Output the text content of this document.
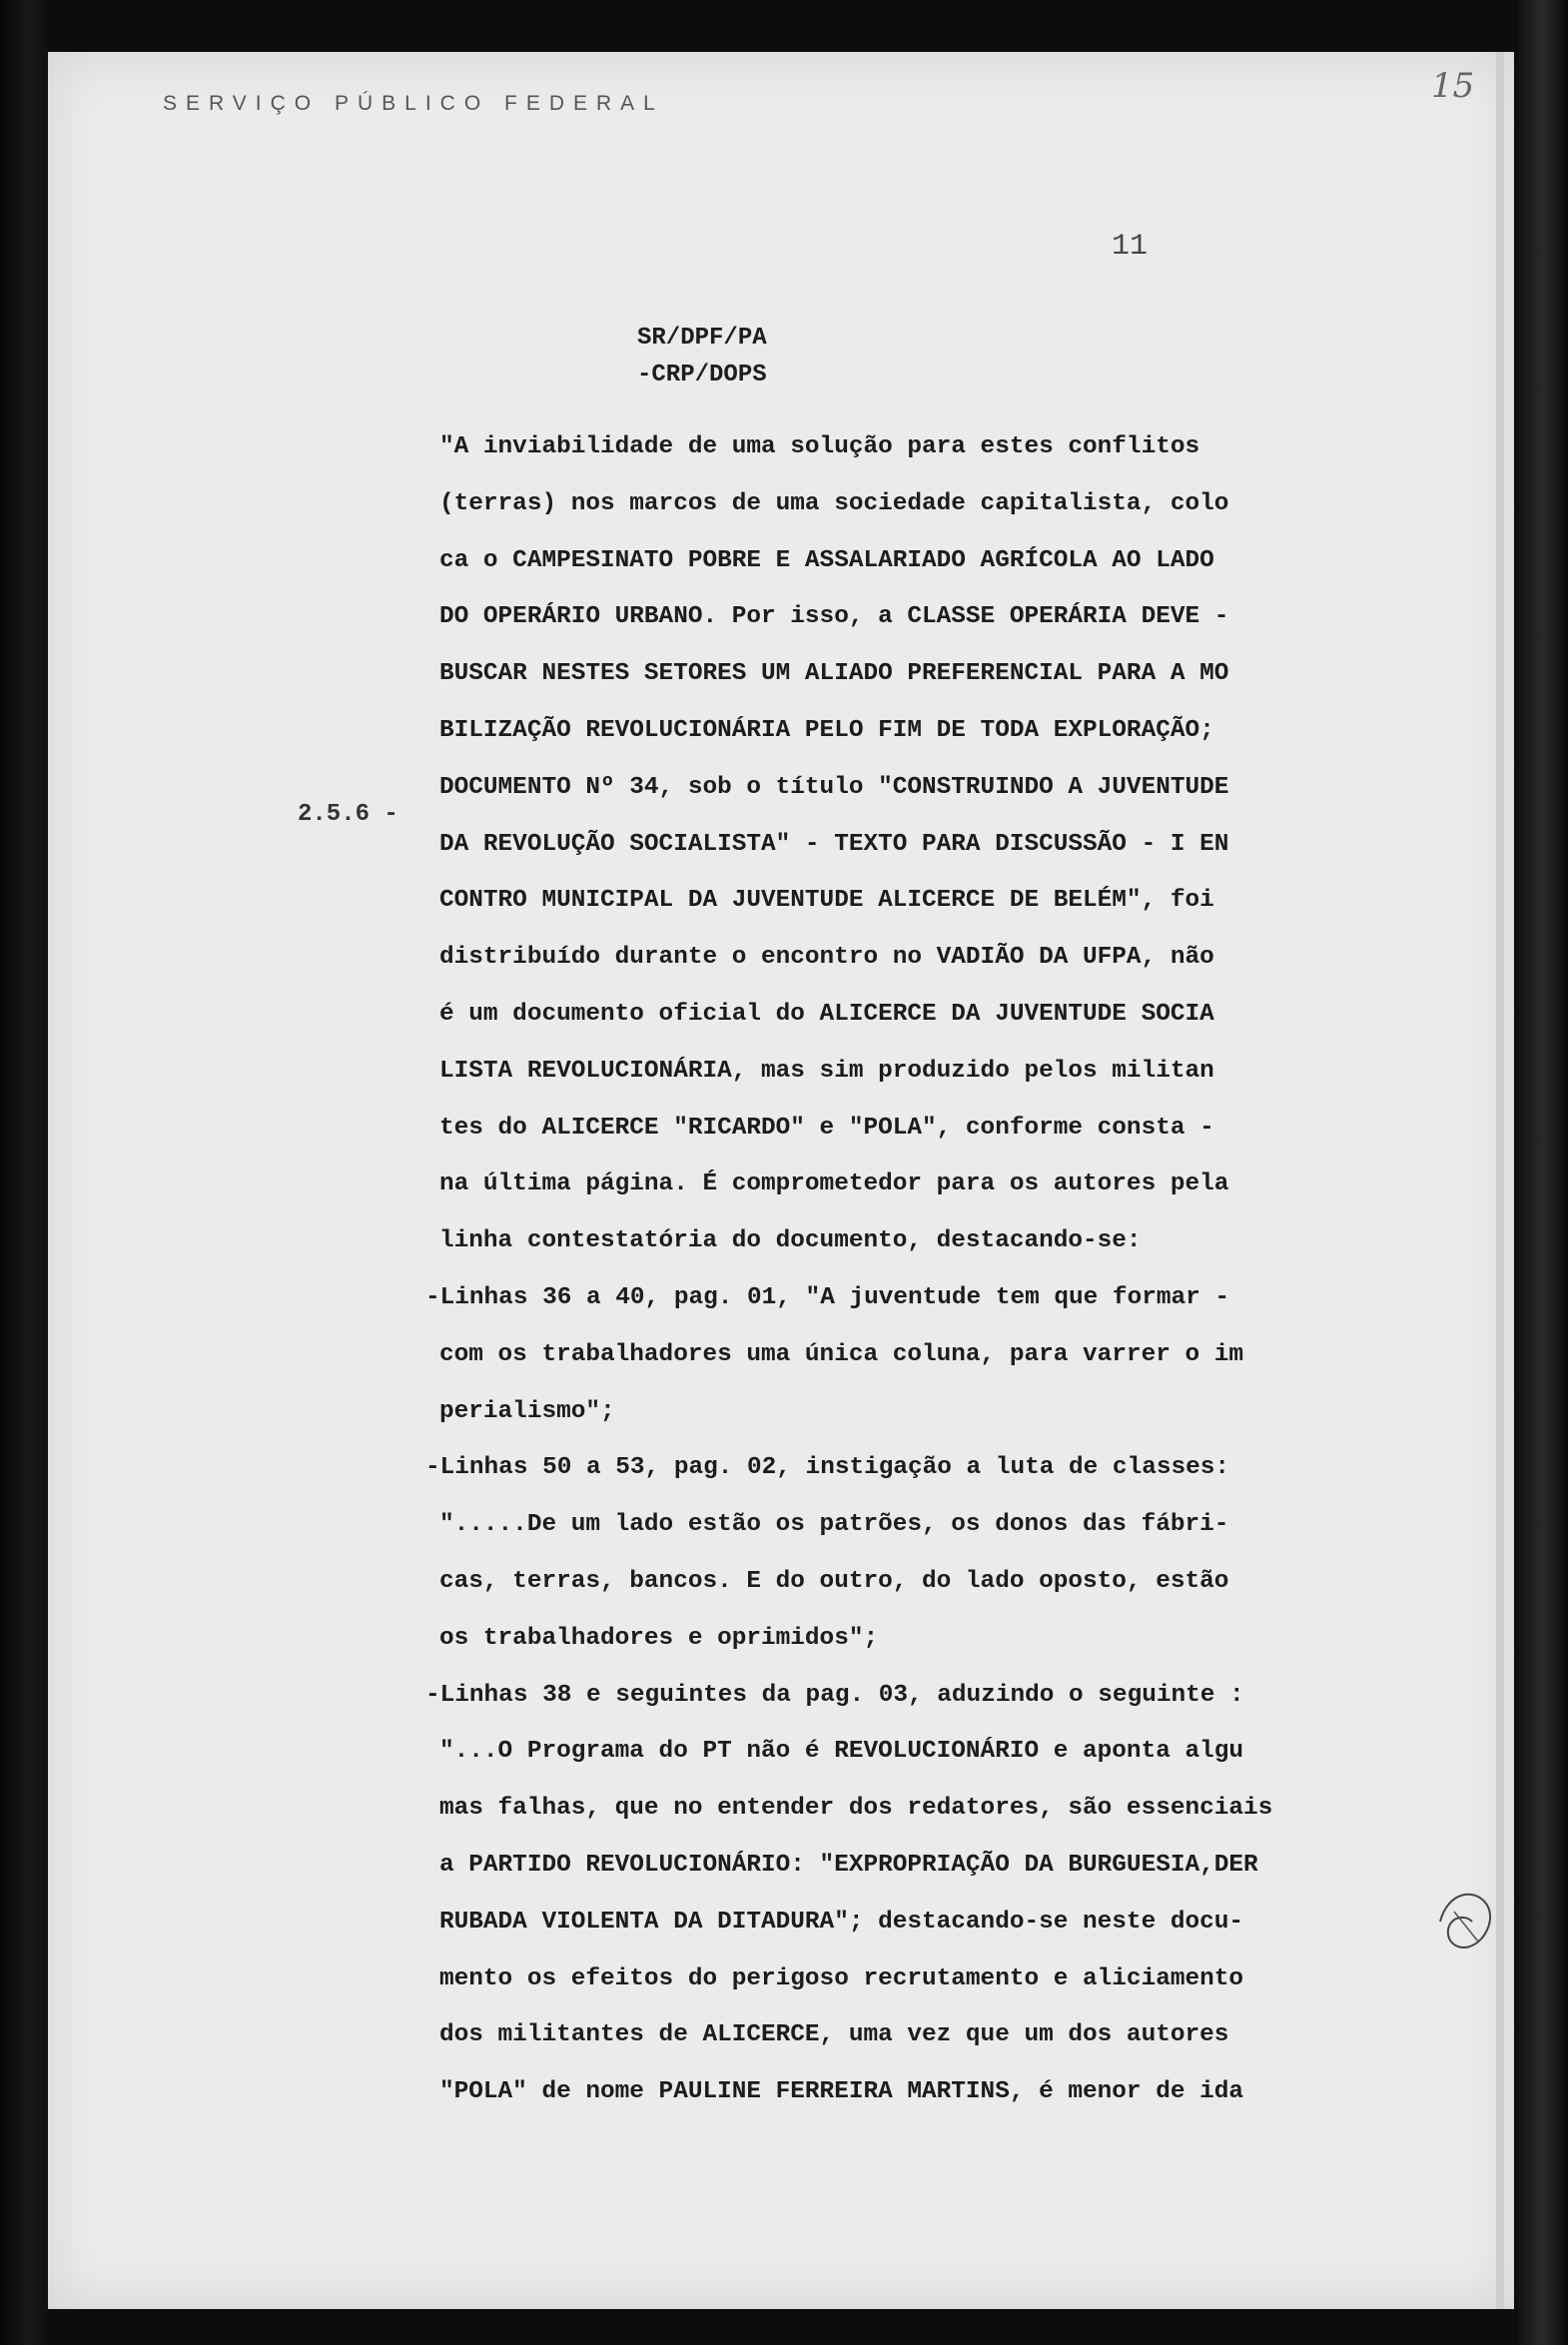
SERVIÇO PÚBLICO FEDERAL	15
11
SR/DPF/PA
-CRP/DOPS
2.5.6 -
"A inviabilidade de uma solução para estes conflitos
(terras) nos marcos de uma sociedade capitalista, colo
ca o CAMPESINATO POBRE E ASSALARIADO AGRÍCOLA AO LADO
DO OPERÁRIO URBANO. Por isso, a CLASSE OPERÁRIA DEVE -
BUSCAR NESTES SETORES UM ALIADO PREFERENCIAL PARA A MO
BILIZAÇÃO REVOLUCIONÁRIA PELO FIM DE TODA EXPLORAÇÃO;
DOCUMENTO Nº 34, sob o título "CONSTRUINDO A JUVENTUDE
DA REVOLUÇÃO SOCIALISTA" - TEXTO PARA DISCUSSÃO - I EN
CONTRO MUNICIPAL DA JUVENTUDE ALICERCE DE BELÉM", foi
distribuído durante o encontro no VADIÃO DA UFPA, não
é um documento oficial do ALICERCE DA JUVENTUDE SOCIA
LISTA REVOLUCIONÁRIA, mas sim produzido pelos militan
tes do ALICERCE "RICARDO" e "POLA", conforme consta -
na última página. É comprometedor para os autores pela
linha contestatória do documento, destacando-se:
-Linhas 36 a 40, pag. 01, "A juventude tem que formar -
com os trabalhadores uma única coluna, para varrer o im
perialismo";
-Linhas 50 a 53, pag. 02, instigação a luta de classes:
".....De um lado estão os patrões, os donos das fábri-
cas, terras, bancos. E do outro, do lado oposto, estão
os trabalhadores e oprimidos";
-Linhas 38 e seguintes da pag. 03, aduzindo o seguinte :
"...O Programa do PT não é REVOLUCIONÁRIO e aponta algu
mas falhas, que no entender dos redatores, são essenciais
a PARTIDO REVOLUCIONÁRIO: "EXPROPRIAÇÃO DA BURGUESIA,DER
RUBADA VIOLENTA DA DITADURA"; destacando-se neste docu-
mento os efeitos do perigoso recrutamento e aliciamento
dos militantes de ALICERCE, uma vez que um dos autores
"POLA" de nome PAULINE FERREIRA MARTINS, é menor de ida
